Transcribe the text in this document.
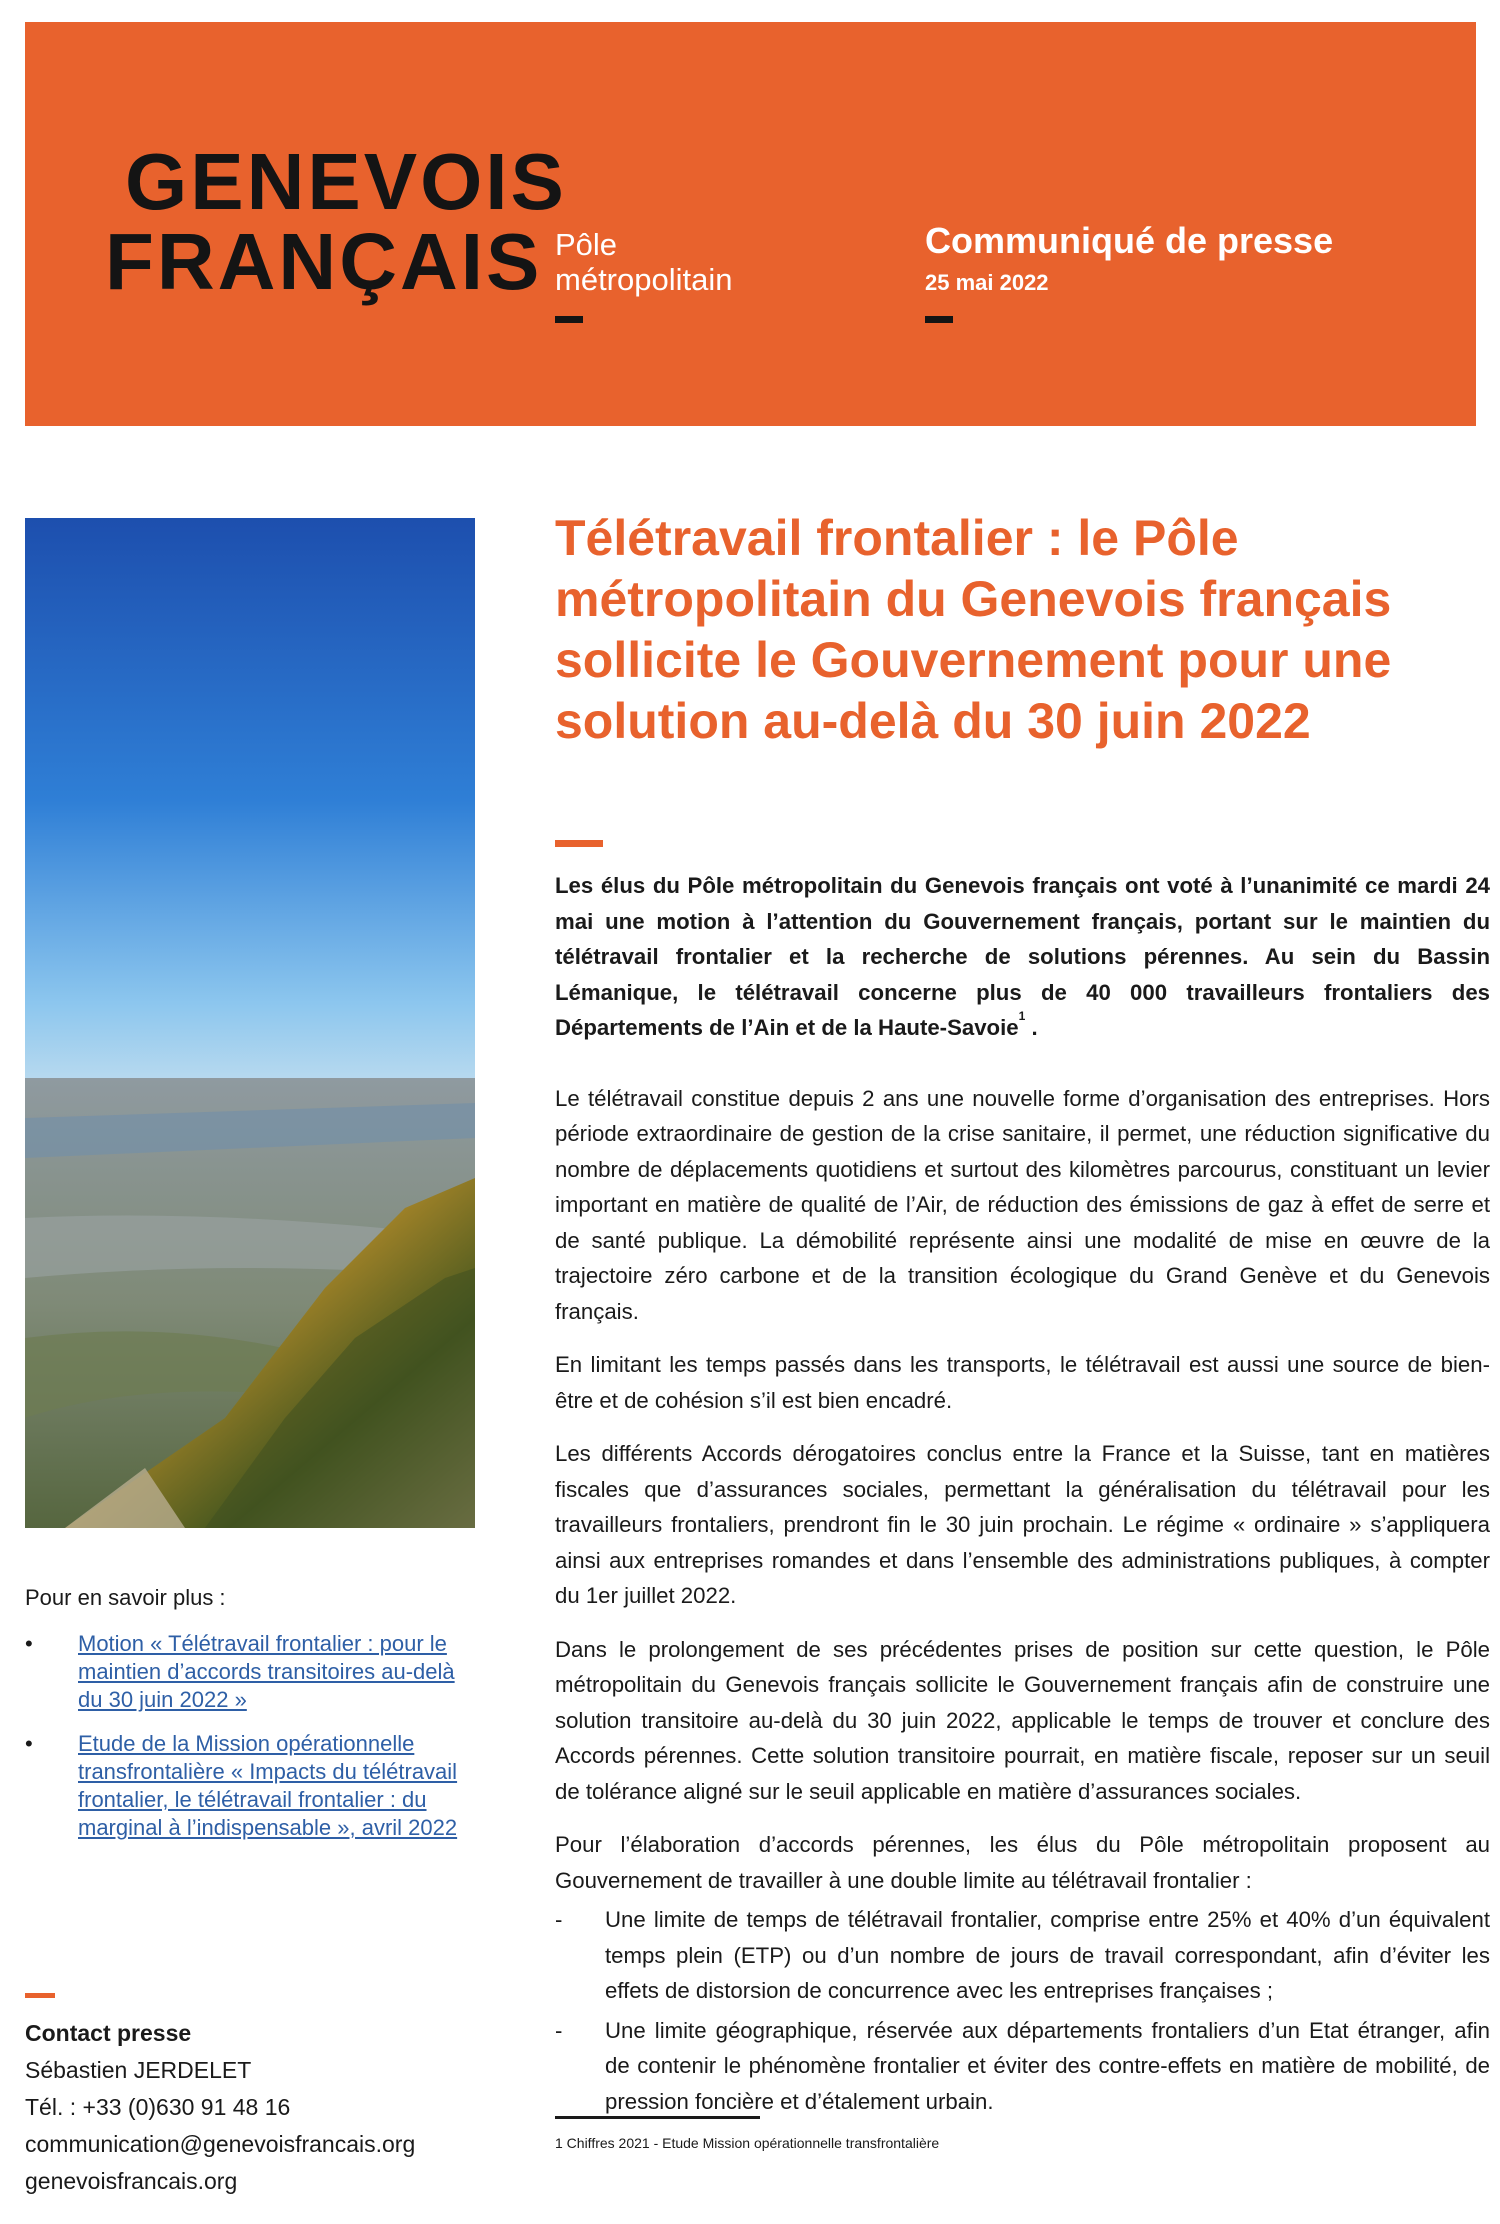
GENEVOIS
FRANÇAIS Pôle
métropolitain
Communiqué de presse
25 mai 2022
Télétravail frontalier : le Pôle métropolitain du Genevois français sollicite le Gouvernement pour une solution au-delà du 30 juin 2022

Les élus du Pôle métropolitain du Genevois français ont voté à l’unanimité ce mardi 24 mai une motion à l’attention du Gouvernement français, portant sur le maintien du télétravail frontalier et la recherche de solutions pérennes. Au sein du Bassin Lémanique, le télétravail concerne plus de 40 000 travailleurs frontaliers des Départements de l’Ain et de la Haute-Savoie$^1$ .

Le télétravail constitue depuis 2 ans une nouvelle forme d’organisation des entreprises. Hors période extraordinaire de gestion de la crise sanitaire, il permet, une réduction significative du nombre de déplacements quotidiens et surtout des kilomètres parcourus, constituant un levier important en matière de qualité de l’Air, de réduction des émissions de gaz à effet de serre et de santé publique. La démobilité représente ainsi une modalité de mise en œuvre de la trajectoire zéro carbone et de la transition écologique du Grand Genève et du Genevois français.

En limitant les temps passés dans les transports, le télétravail est aussi une source de bien-être et de cohésion s’il est bien encadré.

Les différents Accords dérogatoires conclus entre la France et la Suisse, tant en matières fiscales que d’assurances sociales, permettant la généralisation du télétravail pour les travailleurs frontaliers, prendront fin le 30 juin prochain. Le régime « ordinaire » s’appliquera ainsi aux entreprises romandes et dans l’ensemble des administrations publiques, à compter du 1er juillet 2022.

Dans le prolongement de ses précédentes prises de position sur cette question, le Pôle métropolitain du Genevois français sollicite le Gouvernement français afin de construire une solution transitoire au-delà du 30 juin 2022, applicable le temps de trouver et conclure des Accords pérennes. Cette solution transitoire pourrait, en matière fiscale, reposer sur un seuil de tolérance aligné sur le seuil applicable en matière d’assurances sociales.

Pour l’élaboration d’accords pérennes, les élus du Pôle métropolitain proposent au Gouvernement de travailler à une double limite au télétravail frontalier :

-	Une limite de temps de télétravail frontalier, comprise entre 25% et 40% d’un équivalent temps plein (ETP) ou d’un nombre de jours de travail correspondant, afin d’éviter les effets de distorsion de concurrence avec les entreprises françaises ;
-	Une limite géographique, réservée aux départements frontaliers d’un Etat étranger, afin de contenir le phénomène frontalier et éviter des contre-effets en matière de mobilité, de pression foncière et d’étalement urbain.
1 Chiffres 2021 - Etude Mission opérationnelle transfrontalière
Pour en savoir plus :
•	Motion « Télétravail frontalier : pour le maintien d’accords transitoires au-delà du 30 juin 2022 »
•	Etude de la Mission opérationnelle transfrontalière « Impacts du télétravail frontalier, le télétravail frontalier : du marginal à l’indispensable », avril 2022
Contact presse
Sébastien JERDELET
Tél. : +33 (0)630 91 48 16
communication@genevoisfrancais.org
genevoisfrancais.org
